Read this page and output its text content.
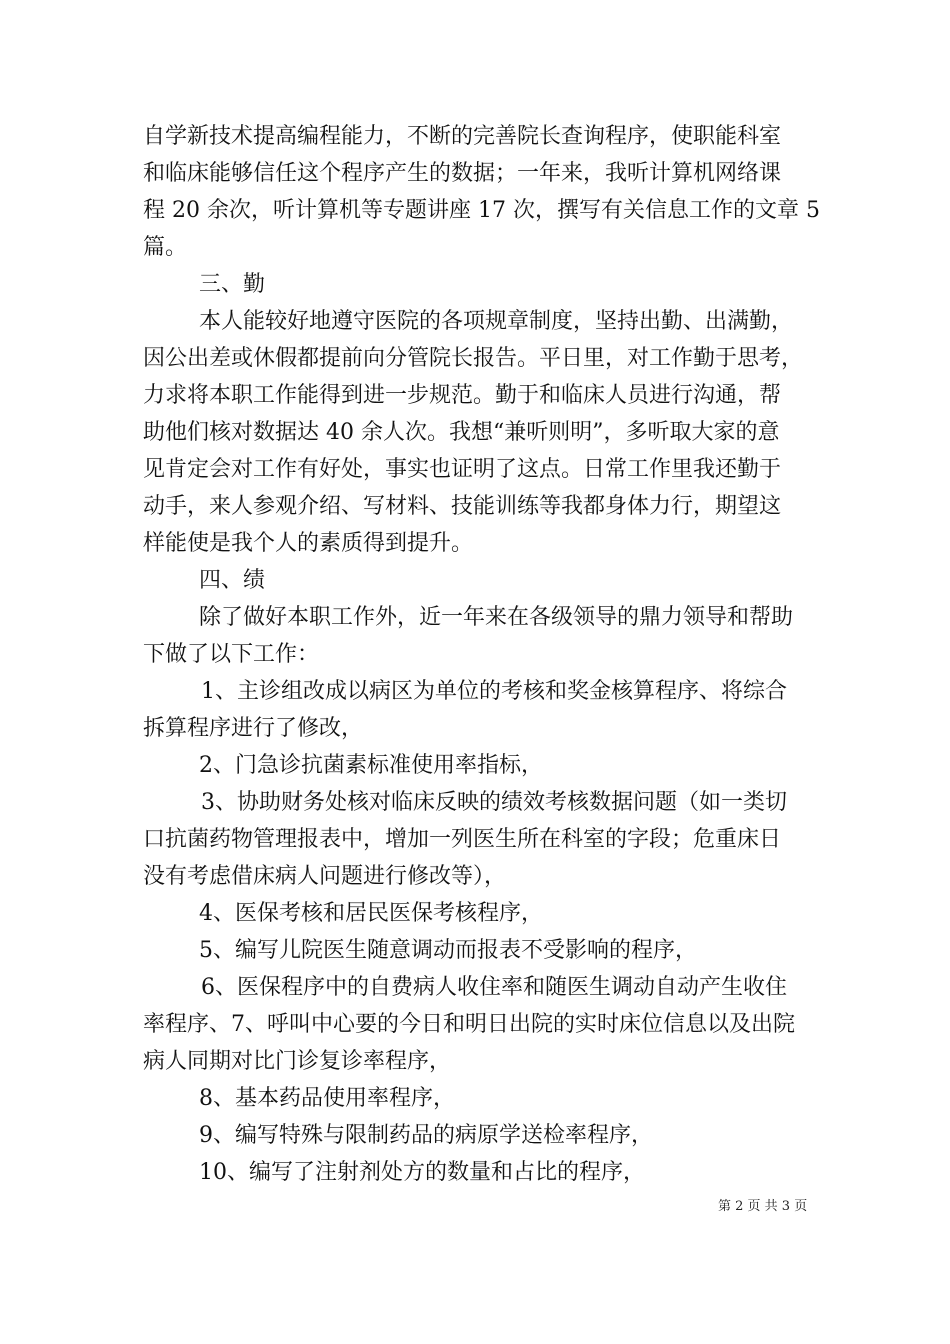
自学新技术提高编程能力，不断的完善院长查询程序，使职能科室
和临床能够信任这个程序产生的数据；一年来，我听计算机网络课
程 20 余次，听计算机等专题讲座 17 次，撰写有关信息工作的文章 5
篇。
三、勤
本人能较好地遵守医院的各项规章制度，坚持出勤、出满勤，
因公出差或休假都提前向分管院长报告。平日里，对工作勤于思考，
力求将本职工作能得到进一步规范。勤于和临床人员进行沟通，帮
助他们核对数据达 40 余人次。我想“兼听则明”，多听取大家的意
见肯定会对工作有好处，事实也证明了这点。日常工作里我还勤于
动手，来人参观介绍、写材料、技能训练等我都身体力行，期望这
样能使是我个人的素质得到提升。
四、绩
除了做好本职工作外，近一年来在各级领导的鼎力领导和帮助
下做了以下工作：
1、主诊组改成以病区为单位的考核和奖金核算程序、将综合
拆算程序进行了修改，
2、门急诊抗菌素标准使用率指标，
3、协助财务处核对临床反映的绩效考核数据问题（如一类切
口抗菌药物管理报表中，增加一列医生所在科室的字段；危重床日
没有考虑借床病人问题进行修改等），
4、医保考核和居民医保考核程序，
5、编写儿院医生随意调动而报表不受影响的程序，
6、医保程序中的自费病人收住率和随医生调动自动产生收住
率程序、7、呼叫中心要的今日和明日出院的实时床位信息以及出院
病人同期对比门诊复诊率程序，
8、基本药品使用率程序，
9、编写特殊与限制药品的病原学送检率程序，
10、编写了注射剂处方的数量和占比的程序，
第 2 页 共 3 页
